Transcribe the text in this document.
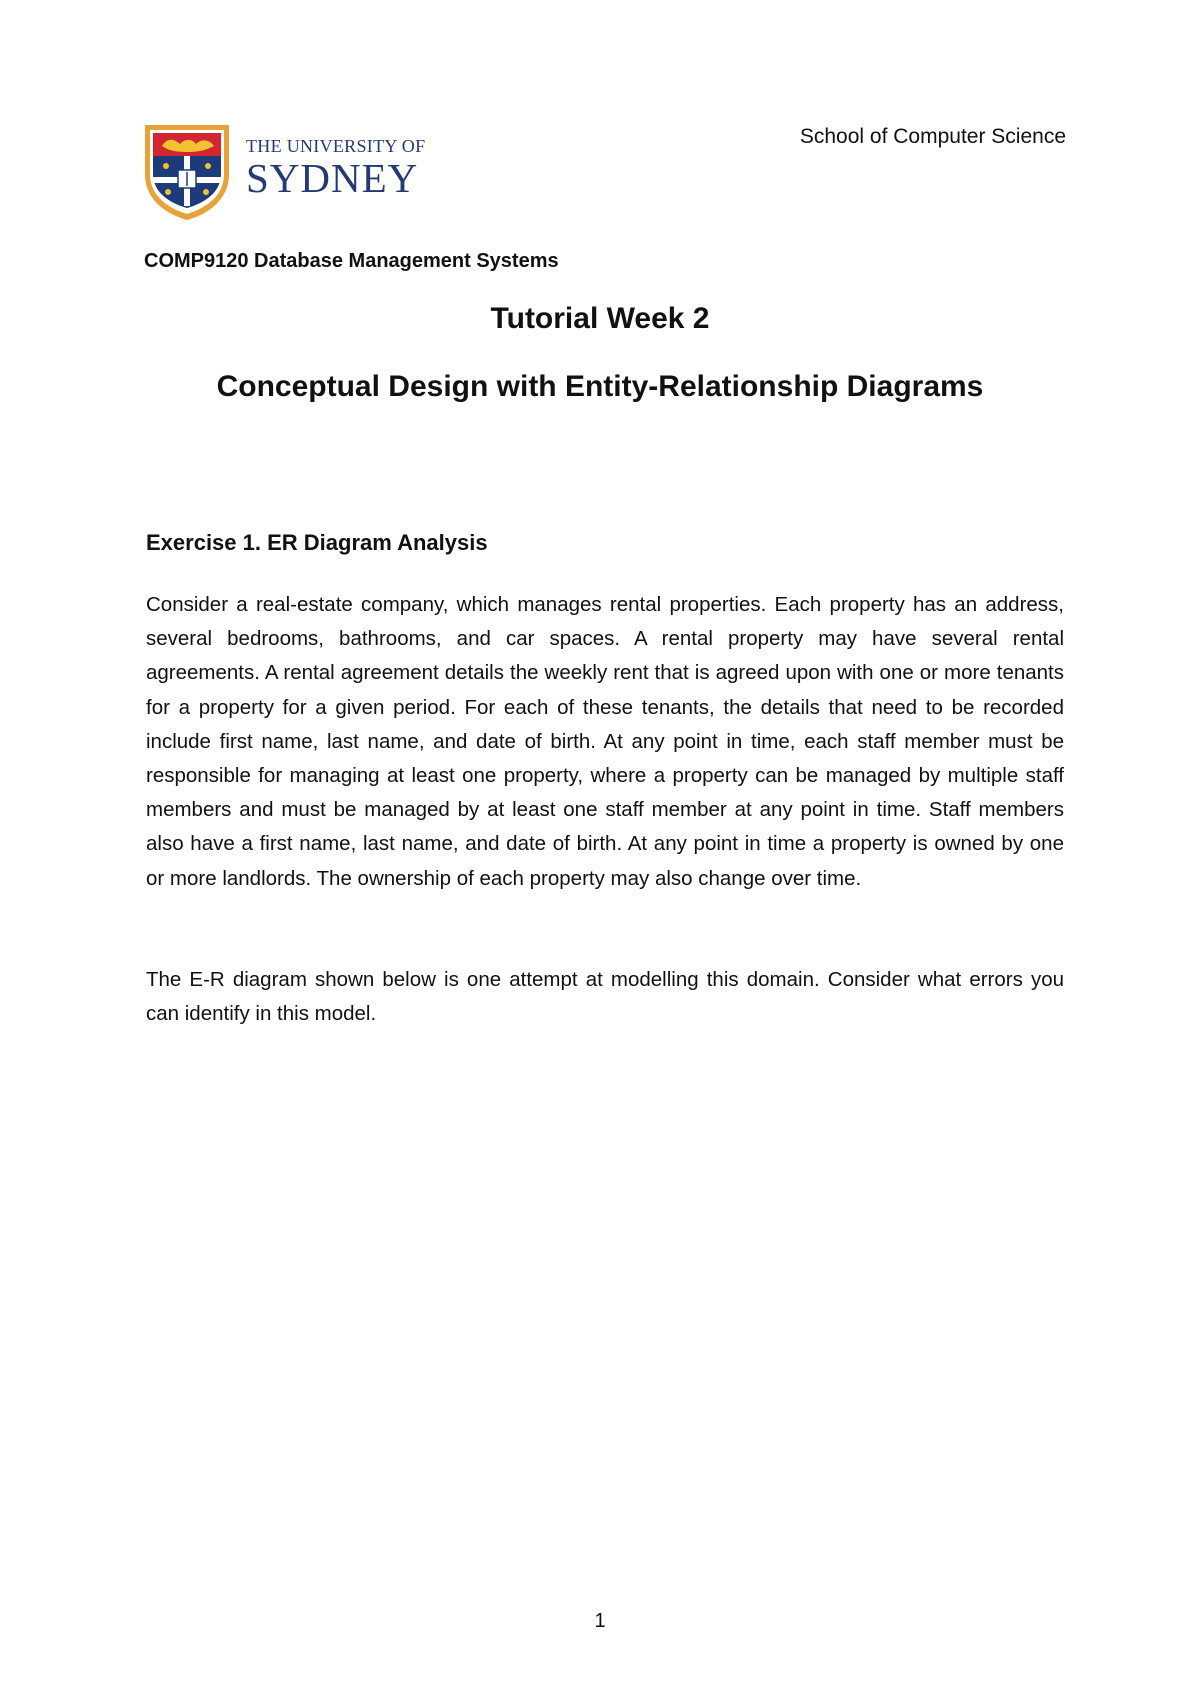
THE UNIVERSITY OF
SYDNEY
School of Computer Science
COMP9120 Database Management Systems
Tutorial Week 2
Conceptual Design with Entity-Relationship Diagrams
Exercise 1. ER Diagram Analysis

Consider a real-estate company, which manages rental properties. Each property has an address, several bedrooms, bathrooms, and car spaces. A rental property may have several rental agreements. A rental agreement details the weekly rent that is agreed upon with one or more tenants for a property for a given period. For each of these tenants, the details that need to be recorded include first name, last name, and date of birth. At any point in time, each staff member must be responsible for managing at least one property, where a property can be managed by multiple staff members and must be managed by at least one staff member at any point in time. Staff members also have a first name, last name, and date of birth. At any point in time a property is owned by one or more landlords. The ownership of each property may also change over time.

The E-R diagram shown below is one attempt at modelling this domain. Consider what errors you can identify in this model.

1
